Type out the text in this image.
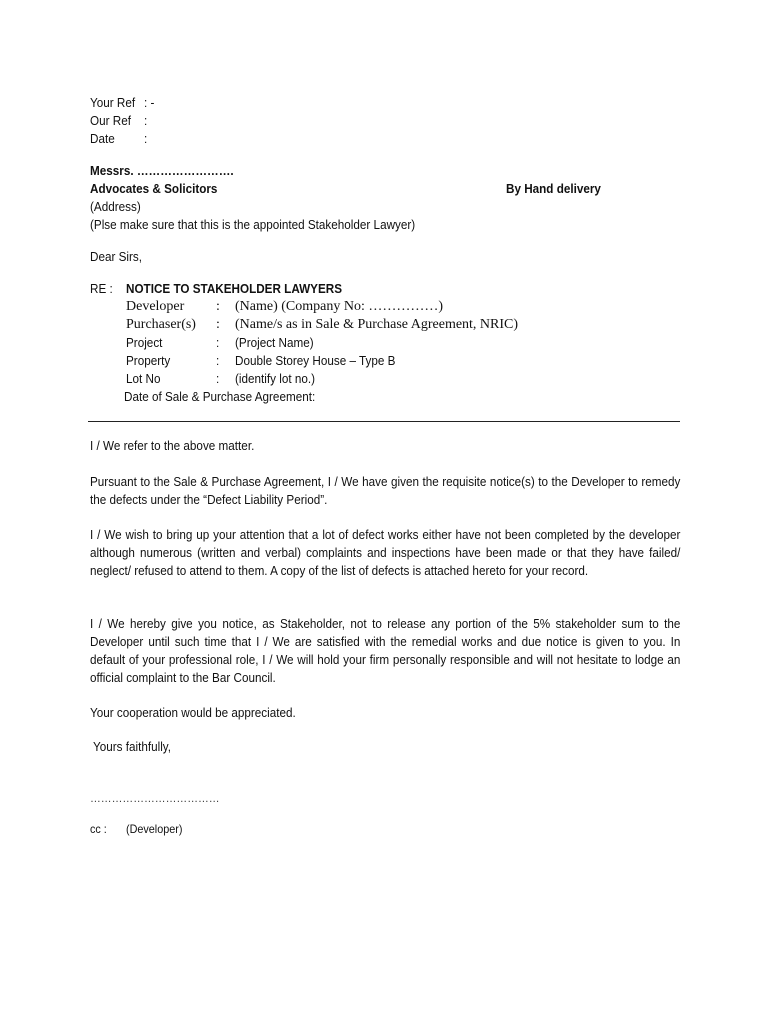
Your Ref : -
Our Ref :
Date :
Messrs. …………………….
Advocates & Solicitors	By Hand delivery
(Address)
(Plse make sure that this is the appointed Stakeholder Lawyer)
Dear Sirs,
RE : NOTICE TO STAKEHOLDER LAWYERS
Developer : (Name) (Company No: ……………)
Purchaser(s) : (Name/s as in Sale & Purchase Agreement, NRIC)
Project	: (Project Name)
Property	: Double Storey House – Type B
Lot No	: (identify lot no.)
Date of Sale & Purchase Agreement:

I / We refer to the above matter.

Pursuant to the Sale & Purchase Agreement, I / We have given the requisite notice(s) to the Developer to remedy the defects under the “Defect Liability Period”.

I / We wish to bring up your attention that a lot of defect works either have not been completed by the developer although numerous (written and verbal) complaints and inspections have been made or that they have failed/ neglect/ refused to attend to them. A copy of the list of defects is attached hereto for your record.

I / We hereby give you notice, as Stakeholder, not to release any portion of the 5% stakeholder sum to the Developer until such time that I / We are satisfied with the remedial works and due notice is given to you. In default of your professional role, I / We will hold your firm personally responsible and will not hesitate to lodge an official complaint to the Bar Council.

Your cooperation would be appreciated.

Yours faithfully,
………………………………
cc : (Developer)
